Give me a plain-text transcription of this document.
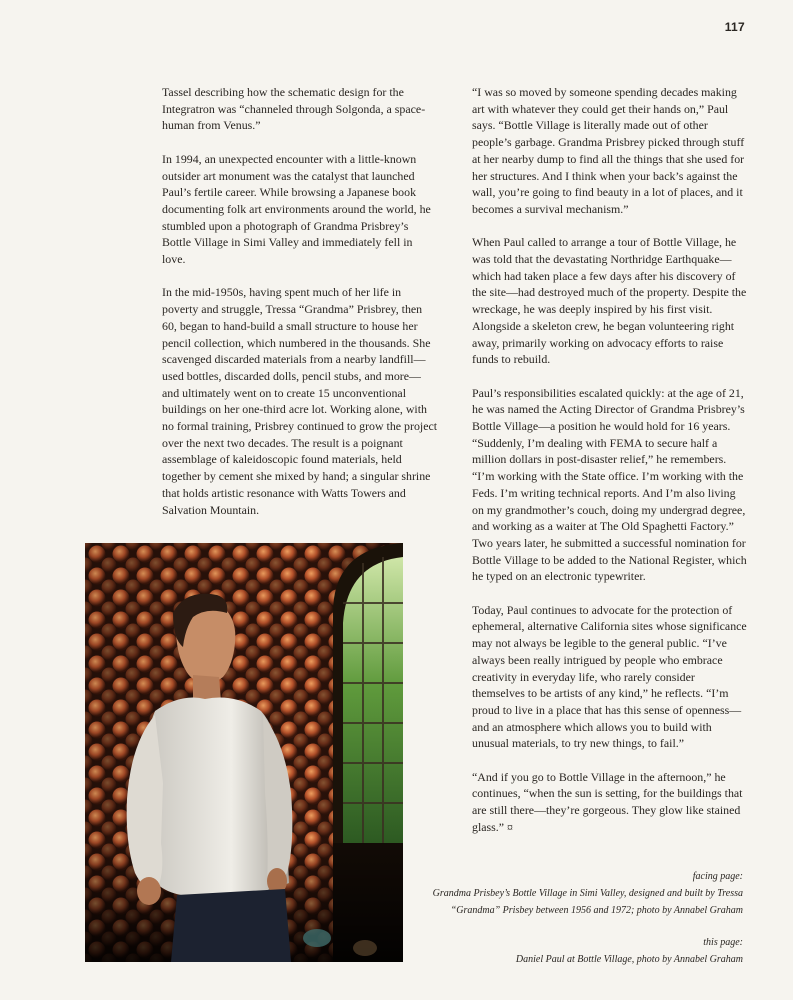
117

Tassel describing how the schematic design for the Integratron was “channeled through Solgonda, a space-human from Venus.”

In 1994, an unexpected encounter with a little-known outsider art monument was the catalyst that launched Paul’s fertile career. While browsing a Japanese book documenting folk art environments around the world, he stumbled upon a photograph of Grandma Prisbrey’s Bottle Village in Simi Valley and immediately fell in love.

In the mid-1950s, having spent much of her life in poverty and struggle, Tressa “Grandma” Prisbrey, then 60, began to hand-build a small structure to house her pencil collection, which numbered in the thousands. She scavenged discarded materials from a nearby landfill—used bottles, discarded dolls, pencil stubs, and more—and ultimately went on to create 15 unconventional buildings on her one-third acre lot. Working alone, with no formal training, Prisbrey continued to grow the project over the next two decades. The result is a poignant assemblage of kaleidoscopic found materials, held together by cement she mixed by hand; a singular shrine that holds artistic resonance with Watts Towers and Salvation Mountain.

“I was so moved by someone spending decades making art with whatever they could get their hands on,” Paul says. “Bottle Village is literally made out of other people’s garbage. Grandma Prisbrey picked through stuff at her nearby dump to find all the things that she used for her structures. And I think when your back’s against the wall, you’re going to find beauty in a lot of places, and it becomes a survival mechanism.”

When Paul called to arrange a tour of Bottle Village, he was told that the devastating Northridge Earthquake—which had taken place a few days after his discovery of the site—had destroyed much of the property. Despite the wreckage, he was deeply inspired by his first visit. Alongside a skeleton crew, he began volunteering right away, primarily working on advocacy efforts to raise funds to rebuild.

Paul’s responsibilities escalated quickly: at the age of 21, he was named the Acting Director of Grandma Prisbrey’s Bottle Village—a position he would hold for 16 years. “Suddenly, I’m dealing with FEMA to secure half a million dollars in post-disaster relief,” he remembers. “I’m working with the State office. I’m working with the Feds. I’m writing technical reports. And I’m also living on my grandmother’s couch, doing my undergrad degree, and working as a waiter at The Old Spaghetti Factory.” Two years later, he submitted a successful nomination for Bottle Village to be added to the National Register, which he typed on an electronic typewriter.

Today, Paul continues to advocate for the protection of ephemeral, alternative California sites whose significance may not always be legible to the general public. “I’ve always been really intrigued by people who embrace creativity in everyday life, who rarely consider themselves to be artists of any kind,” he reflects. “I’m proud to live in a place that has this sense of openness—and an atmosphere which allows you to build with unusual materials, to try new things, to fail.”

“And if you go to Bottle Village in the afternoon,” he continues, “when the sun is setting, for the buildings that are still there—they’re gorgeous. They glow like stained glass.” ¤

facing page:

Grandma Prisbey’s Bottle Village in Simi Valley, designed and built by Tressa “Grandma” Prisbey between 1956 and 1972; photo by Annabel Graham

this page:

Daniel Paul at Bottle Village, photo by Annabel Graham
